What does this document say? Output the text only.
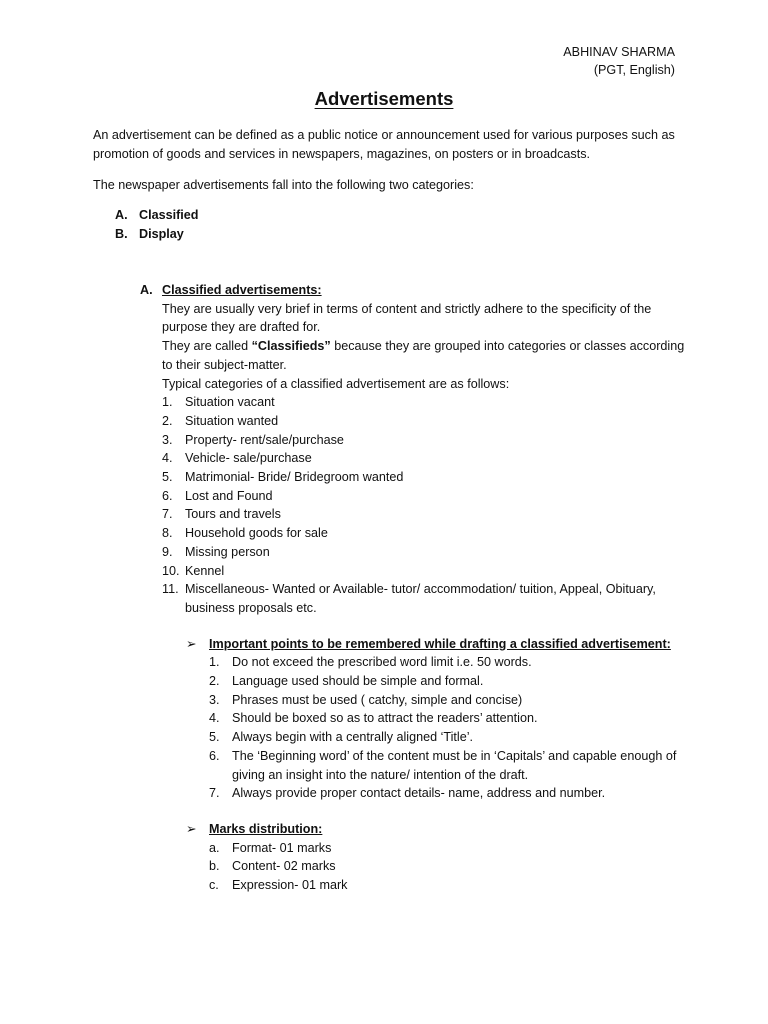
ABHINAV SHARMA
(PGT, English)
Advertisements
An advertisement can be defined as a public notice or announcement used for various purposes such as promotion of goods and services in newspapers, magazines, on posters or in broadcasts.
The newspaper advertisements fall into the following two categories:
A. Classified
B. Display
A. Classified advertisements:
They are usually very brief in terms of content and strictly adhere to the specificity of the purpose they are drafted for.
They are called “Classifieds” because they are grouped into categories or classes according to their subject-matter.
Typical categories of a classified advertisement are as follows:
1. Situation vacant
2. Situation wanted
3. Property- rent/sale/purchase
4. Vehicle- sale/purchase
5. Matrimonial- Bride/ Bridegroom wanted
6. Lost and Found
7. Tours and travels
8. Household goods for sale
9. Missing person
10. Kennel
11. Miscellaneous- Wanted or Available- tutor/ accommodation/ tuition, Appeal, Obituary, business proposals etc.
➢ Important points to be remembered while drafting a classified advertisement:
1. Do not exceed the prescribed word limit i.e. 50 words.
2. Language used should be simple and formal.
3. Phrases must be used ( catchy, simple and concise)
4. Should be boxed so as to attract the readers’ attention.
5. Always begin with a centrally aligned ‘Title’.
6. The ‘Beginning word’ of the content must be in ‘Capitals’ and capable enough of giving an insight into the nature/ intention of the draft.
7. Always provide proper contact details- name, address and number.
➢ Marks distribution:
a. Format- 01 marks
b. Content- 02 marks
c.	Expression- 01 mark
